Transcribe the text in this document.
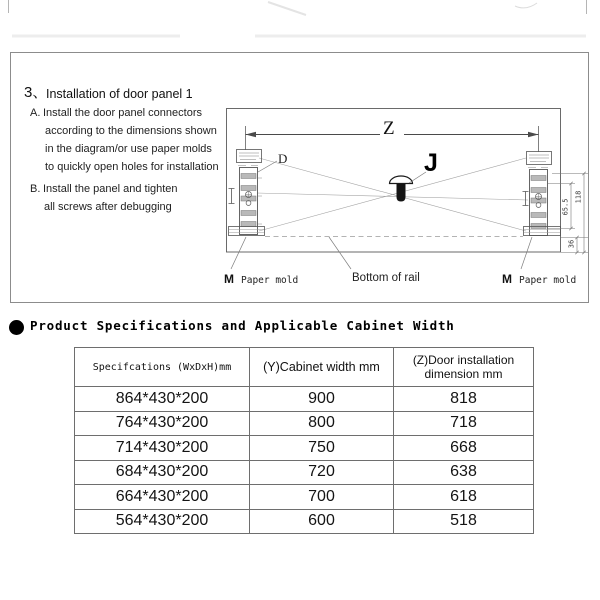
3、
Installation of door panel 1
A. Install the door panel connectors
according to the dimensions shown
in the diagram/or use paper molds
to quickly open holes for installation
B. Install the panel and tighten
all screws after debugging
Z
D	J
65.5
118
36
M Paper mold	Bottom of rail	M Paper mold
Product Specifications and Applicable Cabinet Width
Specifcations (WxDxH)mm	(Y)Cabinet width mm	(Z)Door installation
dimension mm

864*430*200	900	818
764*430*200	800	718
714*430*200	750	668
684*430*200	720	638
664*430*200	700	618
564*430*200	600	518
